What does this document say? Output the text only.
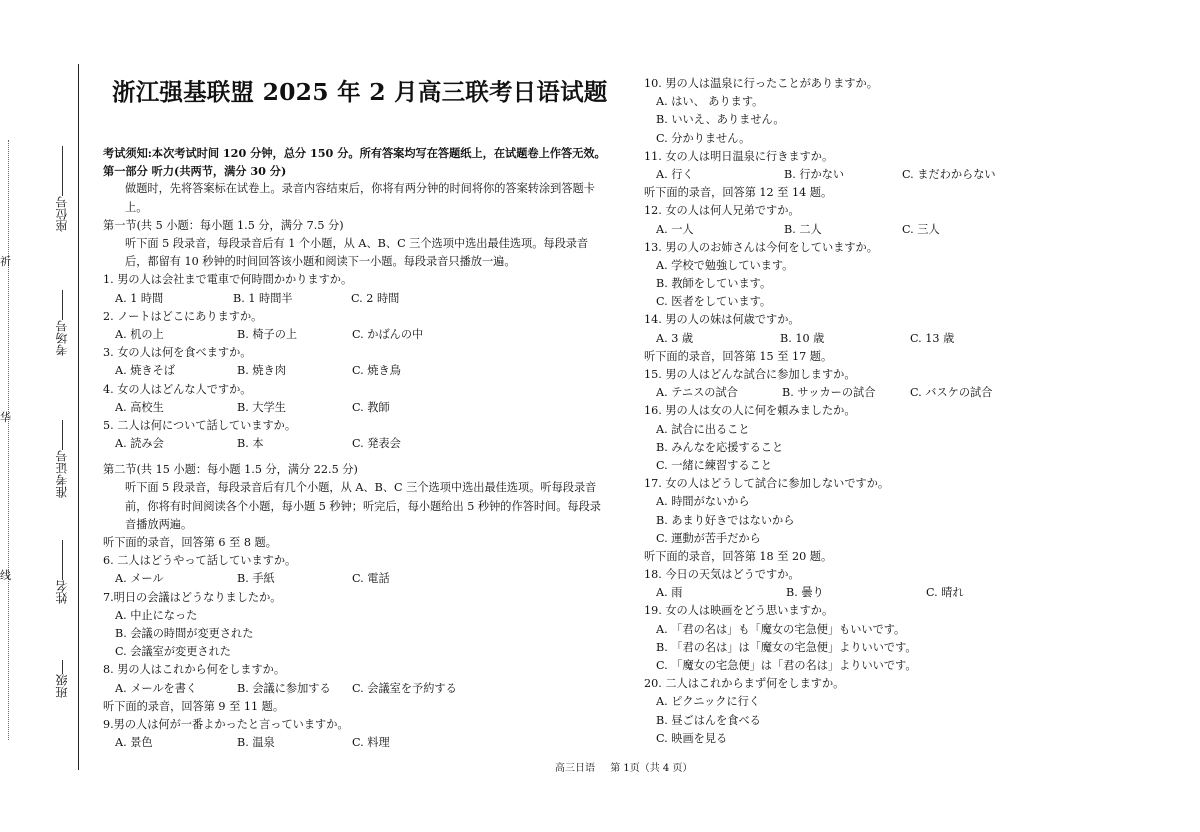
祈
华
线
座位号
考场号
准考证号
姓名
班级
浙江强基联盟 2025 年 2 月高三联考日语试题
考试须知:本次考试时间 120 分钟，总分 150 分。所有答案均写在答题纸上，在试题卷上作答无效。
第一部分 听力(共两节，满分 30 分)
做题时，先将答案标在试卷上。录音内容结束后，你将有两分钟的时间将你的答案转涂到答题卡上。
第一节(共 5 小题：每小题 1.5 分，满分 7.5 分)
听下面 5 段录音，每段录音后有 1 个小题，从 A、B、C 三个选项中选出最佳选项。每段录音后，都留有 10 秒钟的时间回答该小题和阅读下一小题。每段录音只播放一遍。
1. 男の人は会社まで電車で何時間かかりますか。
A. 1 時間	B. 1 時間半	C. 2 時間
2. ノートはどこにありますか。
A. 机の上	B. 椅子の上	C. かばんの中
3. 女の人は何を食べますか。
A. 焼きそば	B. 焼き肉	C. 焼き鳥
4. 女の人はどんな人ですか。
A. 高校生	B. 大学生	C. 教師
5. 二人は何について話していますか。
A. 読み会	B. 本	C. 発表会
第二节(共 15 小题：每小题 1.5 分，满分 22.5 分)
听下面 5 段录音，每段录音后有几个小题，从 A、B、C 三个选项中选出最佳选项。听每段录音前，你将有时间阅读各个小题，每小题 5 秒钟；听完后，每小题给出 5 秒钟的作答时间。每段录音播放两遍。
听下面的录音，回答第 6 至 8 题。
6. 二人はどうやって話していますか。
A. メール	B. 手紙	C. 電話
7.明日の会議はどうなりましたか。
A. 中止になった
B. 会議の時間が変更された
C. 会議室が変更された
8. 男の人はこれから何をしますか。
A. メールを書く	B. 会議に参加する	C. 会議室を予約する
听下面的录音，回答第 9 至 11 题。
9.男の人は何が一番よかったと言っていますか。
A. 景色	B. 温泉	C. 料理
10. 男の人は温泉に行ったことがありますか。
A. はい、 あります。
B. いいえ、ありません。
C. 分かりません。
11. 女の人は明日温泉に行きますか。
A. 行く	B. 行かない	C. まだわからない
听下面的录音，回答第 12 至 14 题。
12. 女の人は何人兄弟ですか。
A. 一人	B. 二人	C. 三人
13. 男の人のお姉さんは今何をしていますか。
A. 学校で勉強しています。
B. 教師をしています。
C. 医者をしています。
14. 男の人の妹は何歳ですか。
A. 3 歳	B. 10 歳	C. 13 歳
听下面的录音，回答第 15 至 17 题。
15. 男の人はどんな試合に参加しますか。
A. テニスの試合	B. サッカーの試合	C. バスケの試合
16. 男の人は女の人に何を頼みましたか。
A. 試合に出ること
B. みんなを応援すること
C. 一緒に練習すること
17. 女の人はどうして試合に参加しないですか。
A. 時間がないから
B. あまり好きではないから
C. 運動が苦手だから
听下面的录音，回答第 18 至 20 题。
18. 今日の天気はどうですか。
A. 雨	B. 曇り	C. 晴れ
19. 女の人は映画をどう思いますか。
A. 「君の名は」も「魔女の宅急便」もいいです。
B. 「君の名は」は「魔女の宅急便」よりいいです。
C. 「魔女の宅急便」は「君の名は」よりいいです。
20. 二人はこれからまず何をしますか。
A. ピクニックに行く
B. 昼ごはんを食べる
C. 映画を見る
高三日语 第 1页（共 4 页）
